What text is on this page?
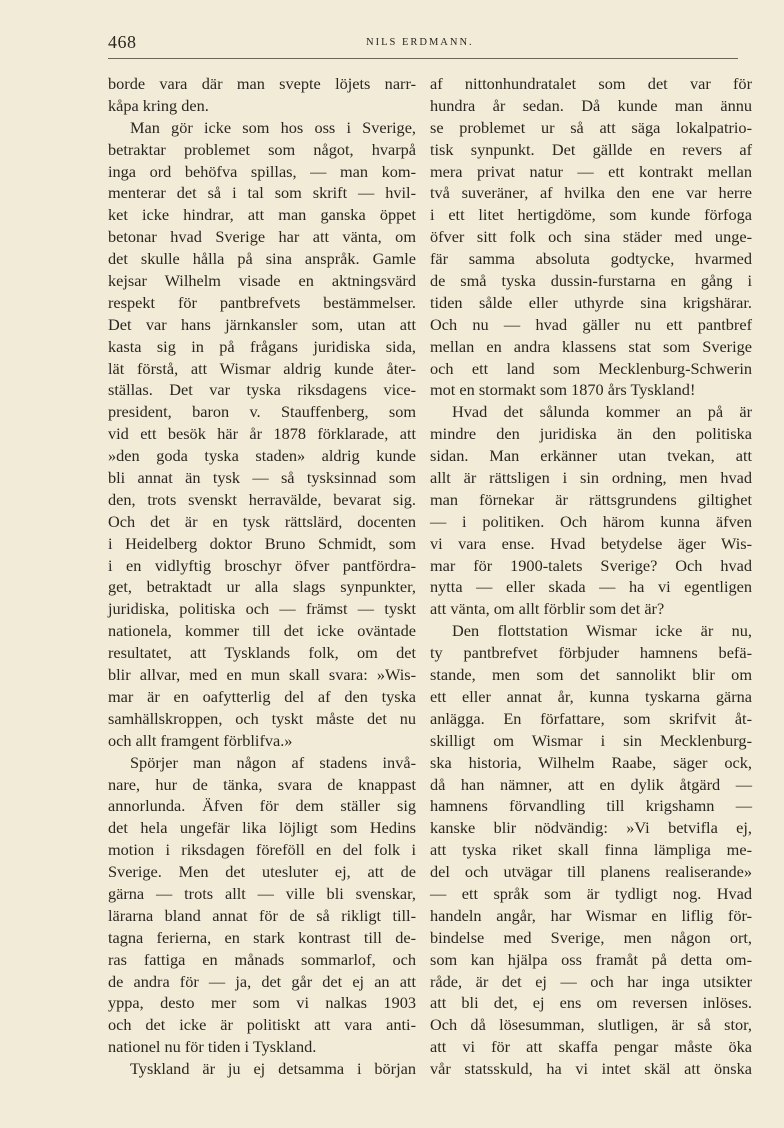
468	NILS ERDMANN.
borde vara där man svepte löjets narr-
kåpa kring den.
Man gör icke som hos oss i Sverige,
betraktar problemet som något, hvarpå
inga ord behöfva spillas, — man kom-
menterar det så i tal som skrift — hvil-
ket icke hindrar, att man ganska öppet
betonar hvad Sverige har att vänta, om
det skulle hålla på sina anspråk. Gamle
kejsar Wilhelm visade en aktningsvärd
respekt för pantbrefvets bestämmelser.
Det var hans järnkansler som, utan att
kasta sig in på frågans juridiska sida,
lät förstå, att Wismar aldrig kunde åter-
ställas. Det var tyska riksdagens vice-
president, baron v. Stauffenberg, som
vid ett besök här år 1878 förklarade, att
»den goda tyska staden» aldrig kunde
bli annat än tysk — så tysksinnad som
den, trots svenskt herravälde, bevarat sig.
Och det är en tysk rättslärd, docenten
i Heidelberg doktor Bruno Schmidt, som
i en vidlyftig broschyr öfver pantfördra-
get, betraktadt ur alla slags synpunkter,
juridiska, politiska och — främst — tyskt
nationela, kommer till det icke oväntade
resultatet, att Tysklands folk, om det
blir allvar, med en mun skall svara: »Wis-
mar är en oafytterlig del af den tyska
samhällskroppen, och tyskt måste det nu
och allt framgent förblifva.»
Spörjer man någon af stadens invå-
nare, hur de tänka, svara de knappast
annorlunda. Äfven för dem ställer sig
det hela ungefär lika löjligt som Hedins
motion i riksdagen föreföll en del folk i
Sverige. Men det utesluter ej, att de
gärna — trots allt — ville bli svenskar,
lärarna bland annat för de så rikligt till-
tagna ferierna, en stark kontrast till de-
ras fattiga en månads sommarlof, och
de andra för — ja, det går det ej an att
yppa, desto mer som vi nalkas 1903
och det icke är politiskt att vara anti-
nationel nu för tiden i Tyskland.
Tyskland är ju ej detsamma i början
af nittonhundratalet som det var för
hundra år sedan. Då kunde man ännu
se problemet ur så att säga lokalpatrio-
tisk synpunkt. Det gällde en revers af
mera privat natur — ett kontrakt mellan
två suveräner, af hvilka den ene var herre
i ett litet hertigdöme, som kunde förfoga
öfver sitt folk och sina städer med unge-
fär samma absoluta godtycke, hvarmed
de små tyska dussin-furstarna en gång i
tiden sålde eller uthyrde sina krigshärar.
Och nu — hvad gäller nu ett pantbref
mellan en andra klassens stat som Sverige
och ett land som Mecklenburg-Schwerin
mot en stormakt som 1870 års Tyskland!
Hvad det sålunda kommer an på är
mindre den juridiska än den politiska
sidan. Man erkänner utan tvekan, att
allt är rättsligen i sin ordning, men hvad
man förnekar är rättsgrundens giltighet
— i politiken. Och härom kunna äfven
vi vara ense. Hvad betydelse äger Wis-
mar för 1900-talets Sverige? Och hvad
nytta — eller skada — ha vi egentligen
att vänta, om allt förblir som det är?
Den flottstation Wismar icke är nu,
ty pantbrefvet förbjuder hamnens befä-
stande, men som det sannolikt blir om
ett eller annat år, kunna tyskarna gärna
anlägga. En författare, som skrifvit åt-
skilligt om Wismar i sin Mecklenburg-
ska historia, Wilhelm Raabe, säger ock,
då han nämner, att en dylik åtgärd —
hamnens förvandling till krigshamn —
kanske blir nödvändig: »Vi betvifla ej,
att tyska riket skall finna lämpliga me-
del och utvägar till planens realiserande»
— ett språk som är tydligt nog. Hvad
handeln angår, har Wismar en liflig för-
bindelse med Sverige, men någon ort,
som kan hjälpa oss framåt på detta om-
råde, är det ej — och har inga utsikter
att bli det, ej ens om reversen inlöses.
Och då lösesumman, slutligen, är så stor,
att vi för att skaffa pengar måste öka
vår statsskuld, ha vi intet skäl att önska
